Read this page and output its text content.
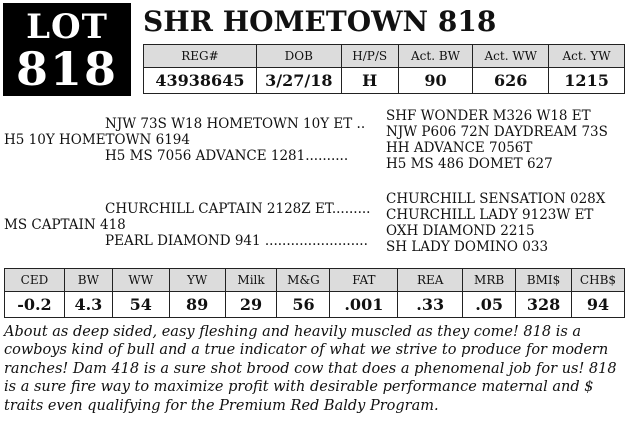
LOT
818
SHR HOMETOWN 818
REG#	DOB	H/P/S	Act. BW	Act. WW	Act. YW
43938645	3/27/18	H	90	626	1215
NJW 73S W18 HOMETOWN 10Y ET ..
H5 10Y HOMETOWN 6194
H5 MS 7056 ADVANCE 1281..........
SHF WONDER M326 W18 ET
NJW P606 72N DAYDREAM 73S
HH ADVANCE 7056T
H5 MS 486 DOMET 627
CHURCHILL CAPTAIN 2128Z ET.........
MS CAPTAIN 418
PEARL DIAMOND 941 ........................
CHURCHILL SENSATION 028X
CHURCHILL LADY 9123W ET
OXH DIAMOND 2215
SH LADY DOMINO 033
CED	BW	WW	YW	Milk	M&G	FAT	REA	MRB	BMI$	CHB$
-0.2	4.3	54	89	29	56	.001	.33	.05	328	94
About as deep sided, easy fleshing and heavily muscled as they come! 818 is a cowboys kind of bull and a true indicator of what we strive to produce for modern ranches! Dam 418 is a sure shot brood cow that does a phenomenal job for us! 818 is a sure fire way to maximize profit with desirable performance maternal and $ traits even qualifying for the Premium Red Baldy Program.
